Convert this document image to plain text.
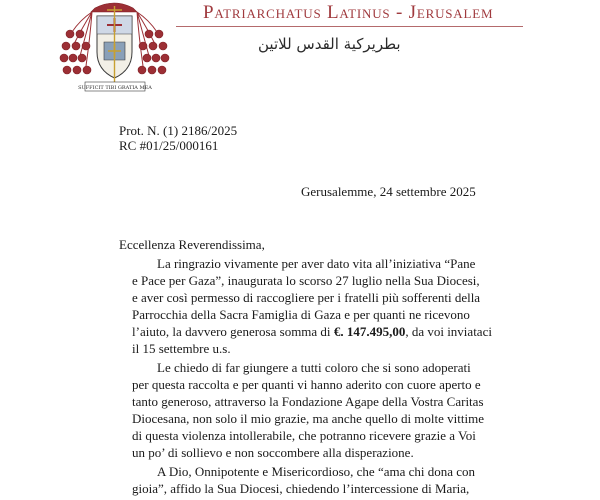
SUFFICIT TIBI GRATIA MEA
Patriarchatus Latinus - Jerusalem
بطريركية القدس للاتين
Prot. N. (1) 2186/2025
RC #01/25/000161
Gerusalemme, 24 settembre 2025
Eccellenza Reverendissima,
La ringrazio vivamente per aver dato vita all’iniziativa “Pane
e Pace per Gaza”, inaugurata lo scorso 27 luglio nella Sua Diocesi,
e aver così permesso di raccogliere per i fratelli più sofferenti della
Parrocchia della Sacra Famiglia di Gaza e per quanti ne ricevono
l’aiuto, la davvero generosa somma di €. 147.495,00, da voi inviataci
il 15 settembre u.s.
Le chiedo di far giungere a tutti coloro che si sono adoperati
per questa raccolta e per quanti vi hanno aderito con cuore aperto e
tanto generoso, attraverso la Fondazione Agape della Vostra Caritas
Diocesana, non solo il mio grazie, ma anche quello di molte vittime
di questa violenza intollerabile, che potranno ricevere grazie a Voi
un po’ di sollievo e non soccombere alla disperazione.
A Dio, Onnipotente e Misericordioso, che “ama chi dona con
gioia”, affido la Sua Diocesi, chiedendo l’intercessione di Maria,
